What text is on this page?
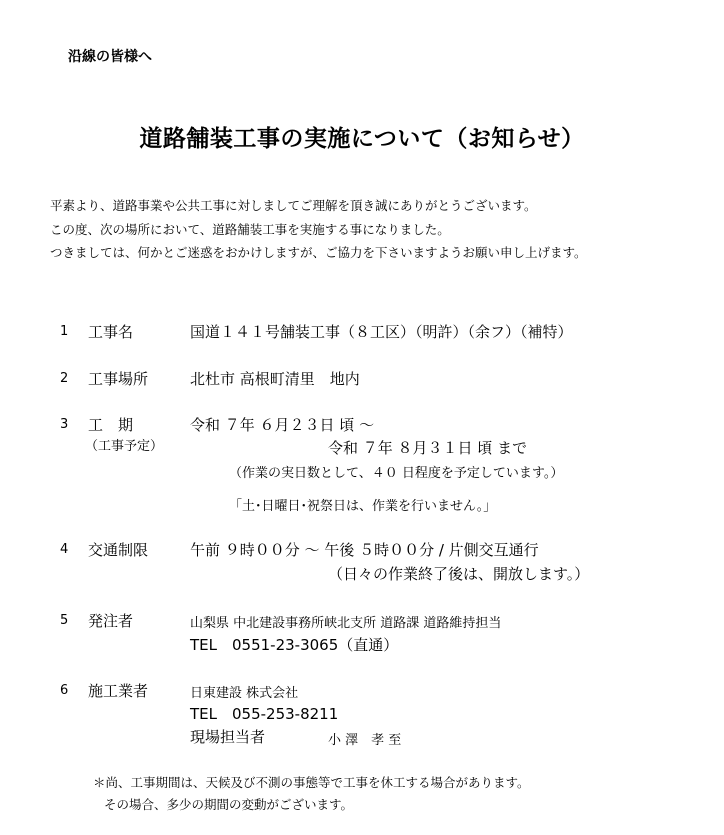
沿線の皆様へ
道路舗装工事の実施について（お知らせ）
平素より、道路事業や公共工事に対しましてご理解を頂き誠にありがとうございます。
この度、次の場所において、道路舗装工事を実施する事になりました。
つきましては、何かとご迷惑をおかけしますが、ご協力を下さいますようお願い申し上げます。
1 工事名	国道１４１号舗装工事（８工区）（明許）（余フ）（補特）
2 工事場所	北杜市 高根町清里　地内
3 工　期
（工事予定）
令和 ７年 ６月２３日 頃 ～
令和 ７年 ８月３１日 頃 まで
（作業の実日数として、４０ 日程度を予定しています。）
「土･日曜日･祝祭日は、作業を行いません。」
4 交通制限	午前 ９時００分 ～ 午後 ５時００分 / 片側交互通行
（日々の作業終了後は、開放します。）
5 発注者	山梨県 中北建設事務所峡北支所 道路課 道路維持担当
TEL　0551-23-3065（直通）
6 施工業者	日東建設 株式会社
TEL　055-253-8211
現場担当者	小 澤　孝 至
＊尚、工事期間は、天候及び不測の事態等で工事を休工する場合があります。
その場合、多少の期間の変動がございます。
